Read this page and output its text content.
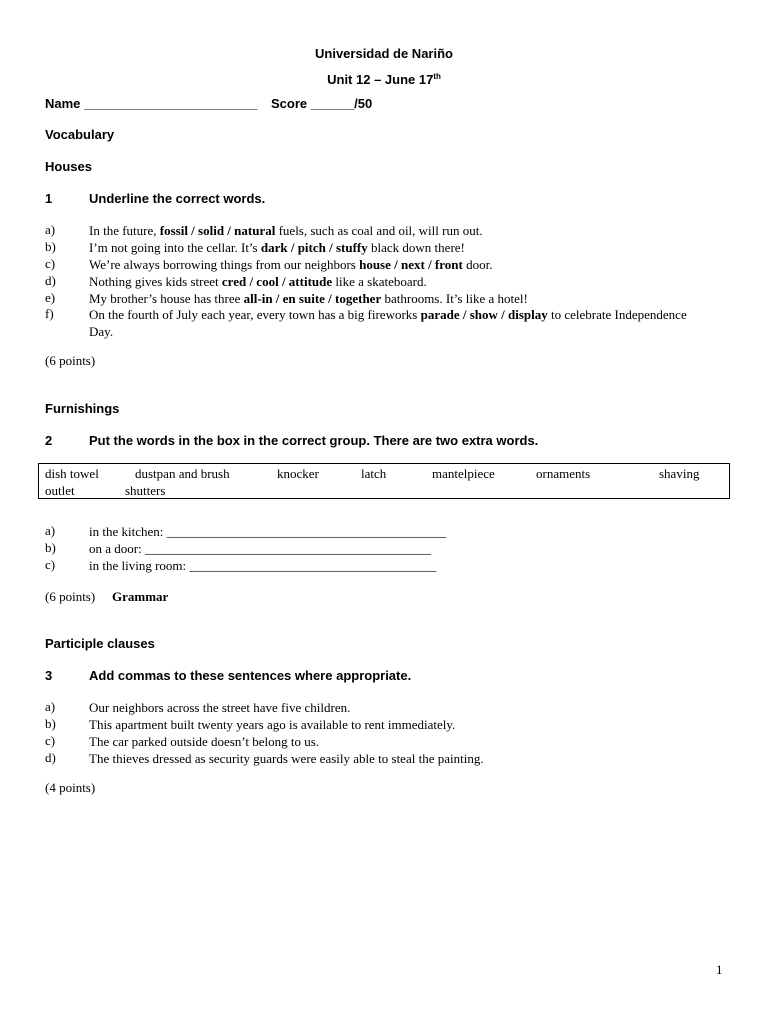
Universidad de Nariño
Unit 12 – June 17th
Name ________________________ Score ______/50
Vocabulary
Houses
1	Underline the correct words.
a)	In the future, fossil / solid / natural fuels, such as coal and oil, will run out.
b)	I’m not going into the cellar. It’s dark / pitch / stuffy black down there!
c)	We’re always borrowing things from our neighbors house / next / front door.
d)	Nothing gives kids street cred / cool / attitude like a skateboard.
e)	My brother’s house has three all-in / en suite / together bathrooms. It’s like a hotel!
f)	On the fourth of July each year, every town has a big fireworks parade / show / display to celebrate Independence Day.
(6 points)
Furnishings
2	Put the words in the box in the correct group. There are two extra words.
dish towel	dustpan and brush	knocker	latch	mantelpiece	ornaments	shaving
outlet	shutters
a)	in the kitchen: ___________________________________________
b)	on a door: ____________________________________________
c)	in the living room: ______________________________________
(6 points) Grammar
Participle clauses
3	Add commas to these sentences where appropriate.
a)	Our neighbors across the street have five children.
b)	This apartment built twenty years ago is available to rent immediately.
c)	The car parked outside doesn’t belong to us.
d)	The thieves dressed as security guards were easily able to steal the painting.
(4 points)
1
